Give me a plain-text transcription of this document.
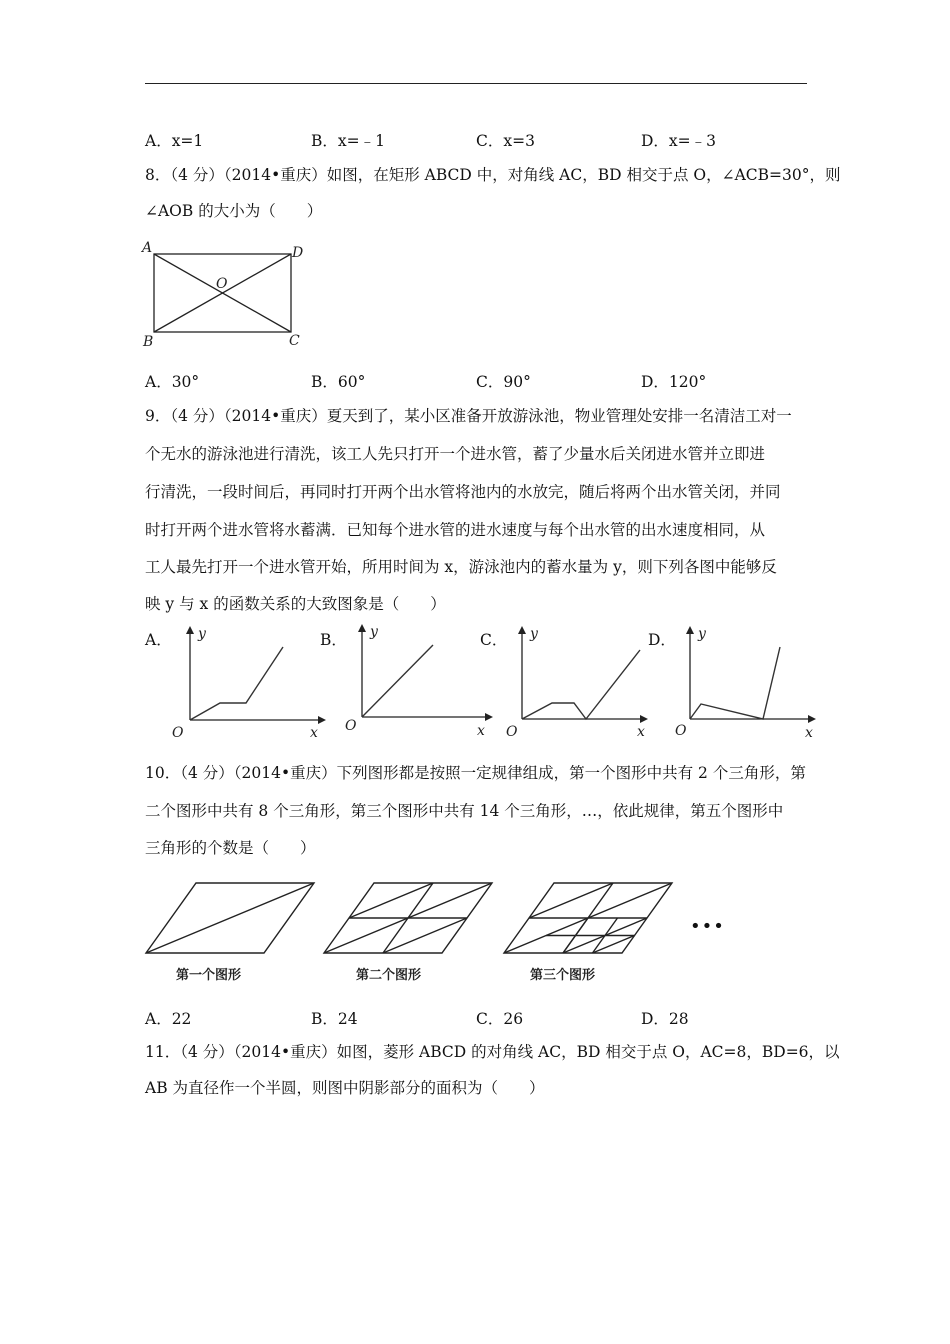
A．x=1	B．x=﹣1	C．x=3	D．x=﹣3
8．（4 分）（2014•重庆）如图，在矩形 ABCD 中，对角线 AC，BD 相交于点 O，∠ACB=30°，则
∠AOB 的大小为（　　）
A	D
O
B	C
A．30°	B．60°	C．90°	D．120°
9．（4 分）（2014•重庆）夏天到了，某小区准备开放游泳池，物业管理处安排一名清洁工对一
个无水的游泳池进行清洗，该工人先只打开一个进水管，蓄了少量水后关闭进水管并立即进
行清洗，一段时间后，再同时打开两个出水管将池内的水放完，随后将两个出水管关闭，并同
时打开两个进水管将水蓄满．已知每个进水管的进水速度与每个出水管的出水速度相同，从
工人最先打开一个进水管开始，所用时间为 x，游泳池内的蓄水量为 y，则下列各图中能够反
映 y 与 x 的函数关系的大致图象是（　　）
A．	B．	C．	D．
y
x
O
y
x
O
y
x
O
y
x
O
10．（4 分）（2014•重庆）下列图形都是按照一定规律组成，第一个图形中共有 2 个三角形，第
二个图形中共有 8 个三角形，第三个图形中共有 14 个三角形，…，依此规律，第五个图形中
三角形的个数是（　　）
第一个图形	第二个图形	第三个图形
•••
A．22	B．24	C．26	D．28
11．（4 分）（2014•重庆）如图，菱形 ABCD 的对角线 AC，BD 相交于点 O，AC=8，BD=6，以
AB 为直径作一个半圆，则图中阴影部分的面积为（　　）
